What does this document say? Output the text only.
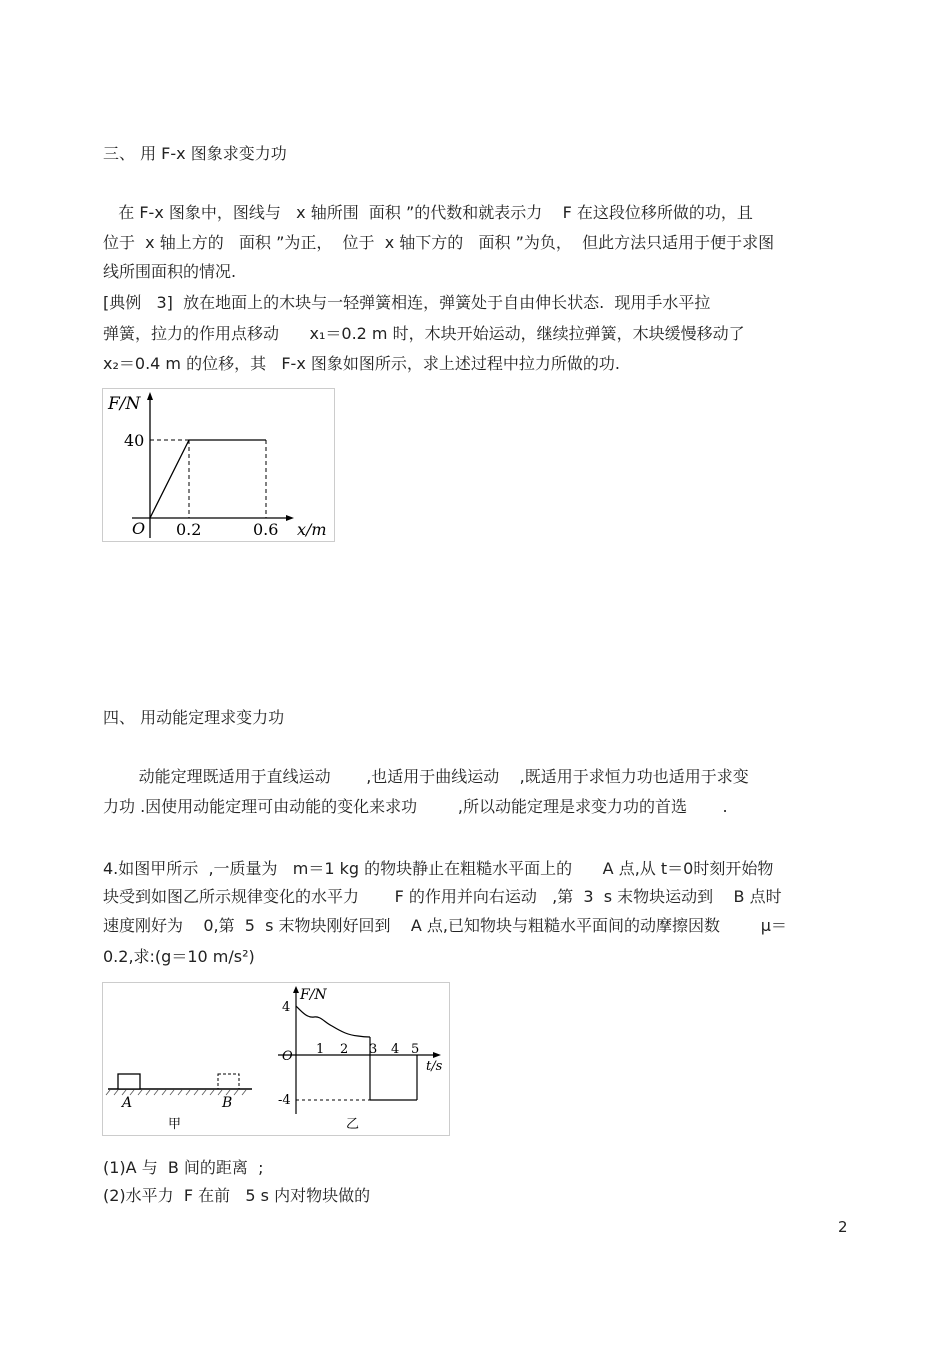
三、 用 F-x 图象求变力功
在 F-x 图象中，图线与   x 轴所围  面积 ”的代数和就表示力    F 在这段位移所做的功，且
位于  x 轴上方的   面积 ”为正，  位于  x 轴下方的   面积 ”为负，  但此方法只适用于便于求图
线所围面积的情况.
[典例   3]  放在地面上的木块与一轻弹簧相连，弹簧处于自由伸长状态.  现用手水平拉
弹簧，拉力的作用点移动      x₁＝0.2 m 时，木块开始运动，继续拉弹簧，木块缓慢移动了
x₂＝0.4 m 的位移，其   F-x 图象如图所示，求上述过程中拉力所做的功.
F/N
40
O 0.2	0.6 x/m
四、 用动能定理求变力功
动能定理既适用于直线运动       ,也适用于曲线运动    ,既适用于求恒力功也适用于求变
力功 .因使用动能定理可由动能的变化来求功        ,所以动能定理是求变力功的首选       .
4.如图甲所示  ,一质量为   m＝1 kg 的物块静止在粗糙水平面上的      A 点,从 t＝0时刻开始物
块受到如图乙所示规律变化的水平力       F 的作用并向右运动   ,第  3  s 末物块运动到    B 点时
速度刚好为    0,第  5  s 末物块刚好回到    A 点,已知物块与粗糙水平面间的动摩擦因数        μ＝
0.2,求:(g＝10 m/s²)
A	B
甲
F/N
4
O
-4
1 2 3 4 5
t/s
乙
(1)A 与  B 间的距离  ;
(2)水平力  F 在前   5 s 内对物块做的
2
